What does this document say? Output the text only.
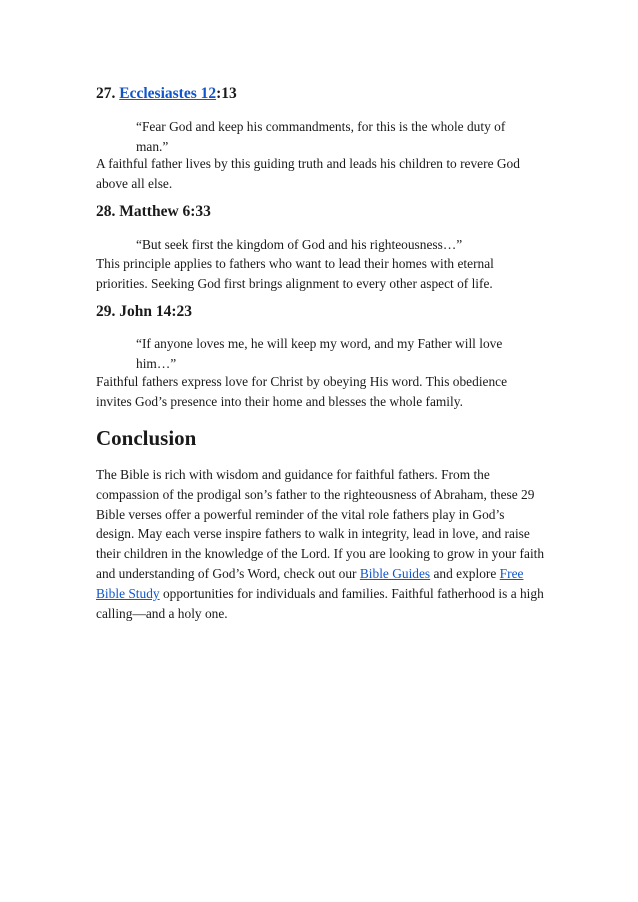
27. Ecclesiastes 12:13
“Fear God and keep his commandments, for this is the whole duty of
man.”
A faithful father lives by this guiding truth and leads his children to revere God above all else.
28. Matthew 6:33
“But seek first the kingdom of God and his righteousness…”
This principle applies to fathers who want to lead their homes with eternal priorities. Seeking God first brings alignment to every other aspect of life.
29. John 14:23
“If anyone loves me, he will keep my word, and my Father will love
him…”
Faithful fathers express love for Christ by obeying His word. This obedience invites God’s presence into their home and blesses the whole family.
Conclusion
The Bible is rich with wisdom and guidance for faithful fathers. From the compassion of the prodigal son’s father to the righteousness of Abraham, these 29 Bible verses offer a powerful reminder of the vital role fathers play in God’s design. May each verse inspire fathers to walk in integrity, lead in love, and raise their children in the knowledge of the Lord. If you are looking to grow in your faith and understanding of God’s Word, check out our Bible Guides and explore Free Bible Study opportunities for individuals and families. Faithful fatherhood is a high calling—and a holy one.
